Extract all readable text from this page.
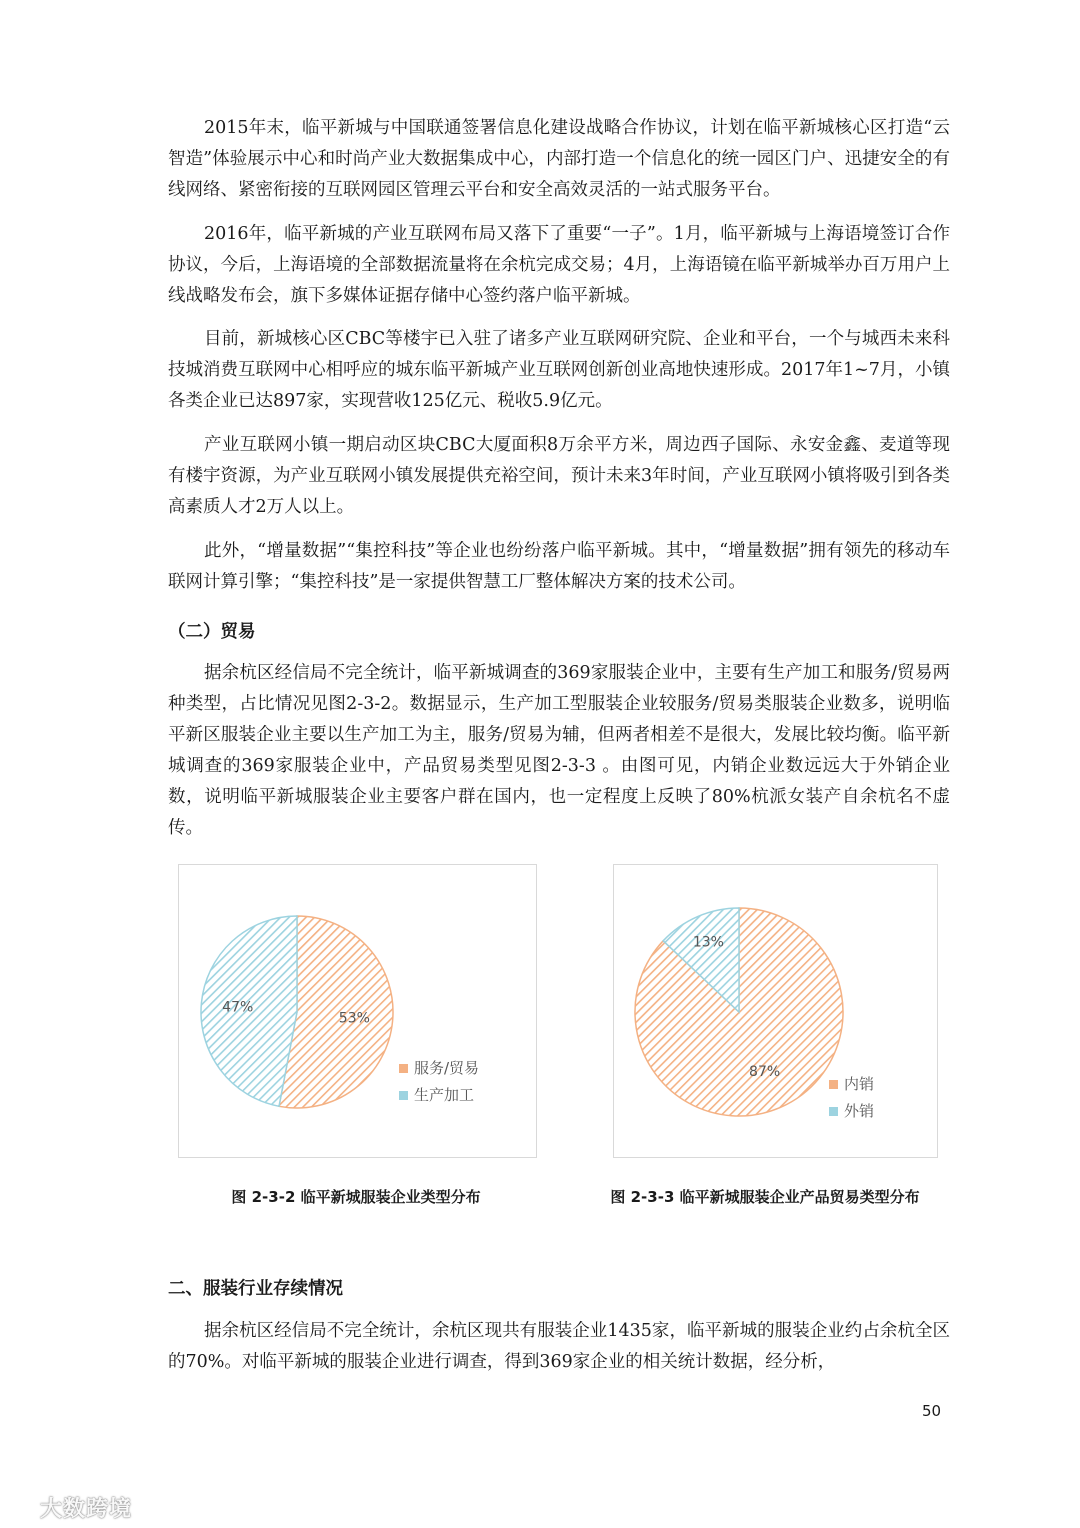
2015年末，临平新城与中国联通签署信息化建设战略合作协议，计划在临平新城核心区打造“云智造”体验展示中心和时尚产业大数据集成中心，内部打造一个信息化的统一园区门户、迅捷安全的有线网络、紧密衔接的互联网园区管理云平台和安全高效灵活的一站式服务平台。

2016年，临平新城的产业互联网布局又落下了重要“一子”。1月，临平新城与上海语境签订合作协议，今后，上海语境的全部数据流量将在余杭完成交易；4月，上海语镜在临平新城举办百万用户上线战略发布会，旗下多媒体证据存储中心签约落户临平新城。

目前，新城核心区CBC等楼宇已入驻了诸多产业互联网研究院、企业和平台，一个与城西未来科技城消费互联网中心相呼应的城东临平新城产业互联网创新创业高地快速形成。2017年1~7月，小镇各类企业已达897家，实现营收125亿元、税收5.9亿元。

产业互联网小镇一期启动区块CBC大厦面积8万余平方米，周边西子国际、永安金鑫、麦道等现有楼宇资源，为产业互联网小镇发展提供充裕空间，预计未来3年时间，产业互联网小镇将吸引到各类高素质人才2万人以上。

此外，“增量数据”“集控科技”等企业也纷纷落户临平新城。其中，“增量数据”拥有领先的移动车联网计算引擎；“集控科技”是一家提供智慧工厂整体解决方案的技术公司。

（二）贸易

据余杭区经信局不完全统计，临平新城调查的369家服装企业中，主要有生产加工和服务/贸易两种类型，占比情况见图2-3-2。数据显示，生产加工型服装企业较服务/贸易类服装企业数多，说明临平新区服装企业主要以生产加工为主，服务/贸易为辅，但两者相差不是很大，发展比较均衡。临平新城调查的369家服装企业中，产品贸易类型见图2-3-3 。由图可见，内销企业数远远大于外销企业数，说明临平新城服装企业主要客户群在国内，也一定程度上反映了80%杭派女装产自余杭名不虚传。

53%
47%
服务/贸易
生产加工
图 2-3-2 临平新城服装企业类型分布
87%
13%
内销
外销
图 2-3-3 临平新城服装企业产品贸易类型分布

二、服装行业存续情况

据余杭区经信局不完全统计，余杭区现共有服装企业1435家，临平新城的服装企业约占余杭全区的70%。对临平新城的服装企业进行调查，得到369家企业的相关统计数据，经分析，

50
大数跨境
